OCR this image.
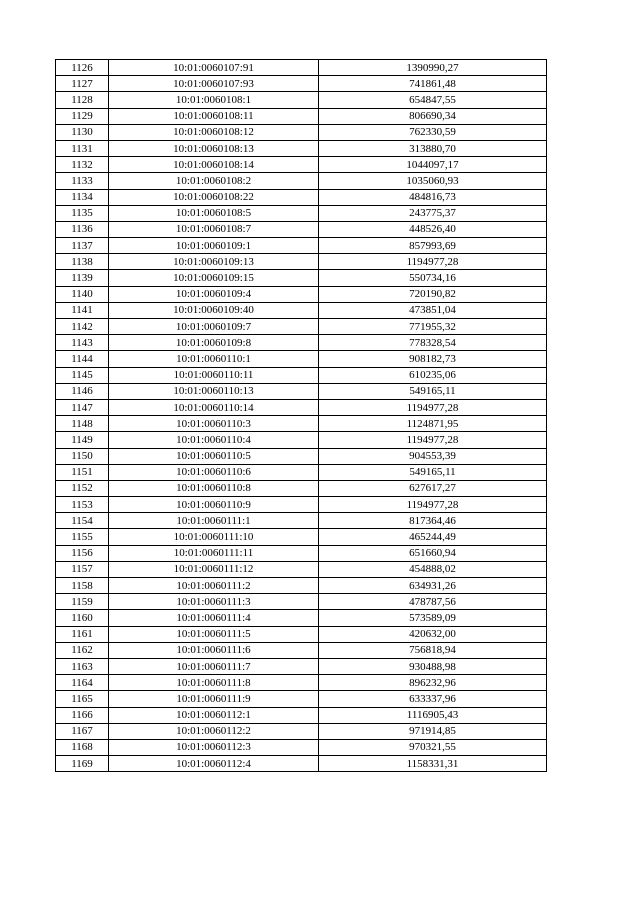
1126	10:01:0060107:91	1390990,27
1127	10:01:0060107:93	741861,48
1128	10:01:0060108:1	654847,55
1129	10:01:0060108:11	806690,34
1130	10:01:0060108:12	762330,59
1131	10:01:0060108:13	313880,70
1132	10:01:0060108:14	1044097,17
1133	10:01:0060108:2	1035060,93
1134	10:01:0060108:22	484816,73
1135	10:01:0060108:5	243775,37
1136	10:01:0060108:7	448526,40
1137	10:01:0060109:1	857993,69
1138	10:01:0060109:13	1194977,28
1139	10:01:0060109:15	550734,16
1140	10:01:0060109:4	720190,82
1141	10:01:0060109:40	473851,04
1142	10:01:0060109:7	771955,32
1143	10:01:0060109:8	778328,54
1144	10:01:0060110:1	908182,73
1145	10:01:0060110:11	610235,06
1146	10:01:0060110:13	549165,11
1147	10:01:0060110:14	1194977,28
1148	10:01:0060110:3	1124871,95
1149	10:01:0060110:4	1194977,28
1150	10:01:0060110:5	904553,39
1151	10:01:0060110:6	549165,11
1152	10:01:0060110:8	627617,27
1153	10:01:0060110:9	1194977,28
1154	10:01:0060111:1	817364,46
1155	10:01:0060111:10	465244,49
1156	10:01:0060111:11	651660,94
1157	10:01:0060111:12	454888,02
1158	10:01:0060111:2	634931,26
1159	10:01:0060111:3	478787,56
1160	10:01:0060111:4	573589,09
1161	10:01:0060111:5	420632,00
1162	10:01:0060111:6	756818,94
1163	10:01:0060111:7	930488,98
1164	10:01:0060111:8	896232,96
1165	10:01:0060111:9	633337,96
1166	10:01:0060112:1	1116905,43
1167	10:01:0060112:2	971914,85
1168	10:01:0060112:3	970321,55
1169	10:01:0060112:4	1158331,31
